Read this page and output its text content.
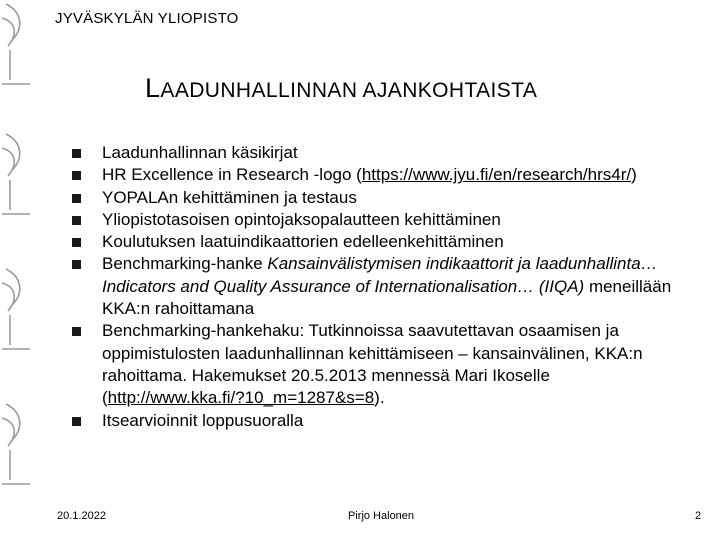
JYVÄSKYLÄN YLIOPISTO
LAADUNHALLINNAN AJANKOHTAISTA
Laadunhallinnan käsikirjat
HR Excellence in Research -logo (https://www.jyu.fi/en/research/hrs4r/)
YOPALAn kehittäminen ja testaus
Yliopistotasoisen opintojaksopalautteen kehittäminen
Koulutuksen laatuindikaattorien edelleenkehittäminen
Benchmarking-hanke Kansainvälistymisen indikaattorit ja laadunhallinta… Indicators and Quality Assurance of Internationalisation… (IIQA) meneillään KKA:n rahoittamana
Benchmarking-hankehaku: Tutkinnoissa saavutettavan osaamisen ja oppimistulosten laadunhallinnan kehittämiseen – kansainvälinen, KKA:n rahoittama. Hakemukset 20.5.2013 mennessä Mari Ikoselle (http://www.kka.fi/?10_m=1287&s=8).
Itsearvioinnit loppusuoralla
20.1.2022	Pirjo Halonen	2
